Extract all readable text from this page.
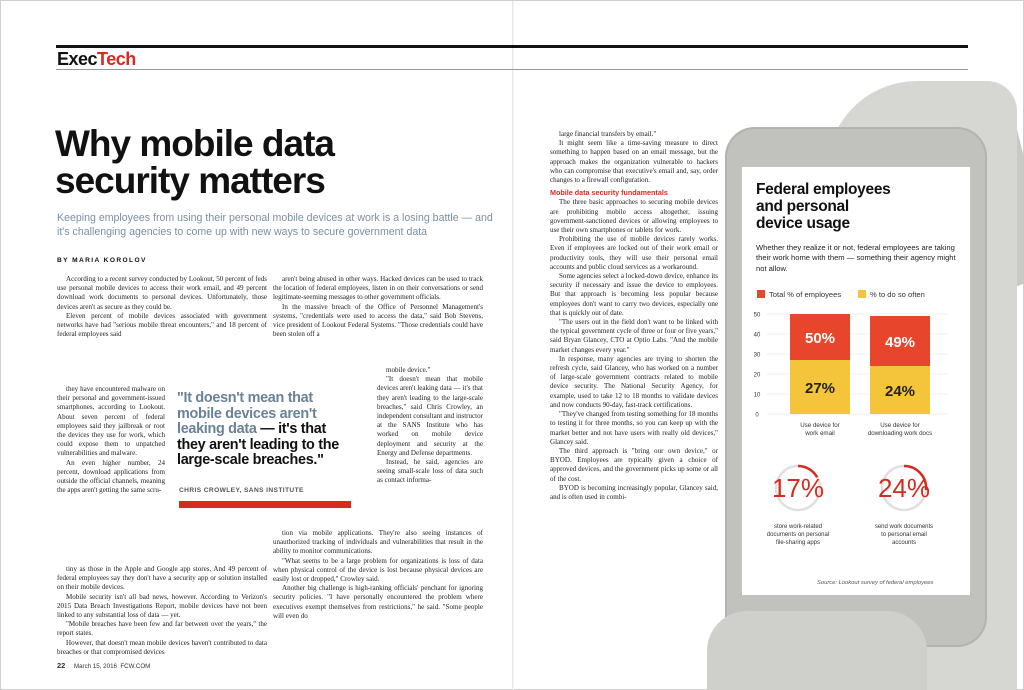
ExecTech
Why mobile data
security matters
Keeping employees from using their personal mobile devices at work is a losing battle — and it's challenging agencies to come up with new ways to secure government data
BY MARIA KOROLOV

According to a recent survey conducted by Lookout, 50 percent of feds use personal mobile devices to access their work email, and 49 percent download work documents to personal devices. Unfortunately, those devices aren't as secure as they could be.

Eleven percent of mobile devices associated with government networks have had "serious mobile threat encounters," and 18 percent of federal employees said

they have encountered malware on their personal and government-issued smartphones, according to Lookout. About seven percent of federal employees said they jailbreak or root the devices they use for work, which could expose them to unpatched vulnerabilities and malware.

An even higher number, 24 percent, download applications from outside the official channels, meaning the apps aren't getting the same scru-

tiny as those in the Apple and Google app stores. And 49 percent of federal employees say they don't have a security app or solution installed on their mobile devices.

Mobile security isn't all bad news, however. According to Verizon's 2015 Data Breach Investigations Report, mobile devices have not been linked to any substantial loss of data — yet.

"Mobile breaches have been few and far between over the years," the report states.

However, that doesn't mean mobile devices haven't contributed to data breaches or that compromised devices

aren't being abused in other ways. Hacked devices can be used to track the location of federal employees, listen in on their conversations or send legitimate-seeming messages to other government officials.

In the massive breach of the Office of Personnel Management's systems, "credentials were used to access the data," said Bob Stevens, vice president of Lookout Federal Systems. "Those credentials could have been stolen off a

mobile device."

"It doesn't mean that mobile devices aren't leaking data — it's that they aren't leading to the large-scale breaches," said Chris Crowley, an independent consultant and instructor at the SANS Institute who has worked on mobile device deployment and security at the Energy and Defense departments.

Instead, he said, agencies are seeing small-scale loss of data such as contact informa-

tion via mobile applications. They're also seeing instances of unauthorized tracking of individuals and vulnerabilities that result in the ability to monitor communications.

"What seems to be a large problem for organizations is loss of data when physical control of the device is lost because physical devices are easily lost or dropped," Crowley said.

Another big challenge is high-ranking officials' penchant for ignoring security policies. "I have personally encountered the problem where executives exempt themselves from restrictions," he said. "Some people will even do

large financial transfers by email."

It might seem like a time-saving measure to direct something to happen based on an email message, but the approach makes the organization vulnerable to hackers who can compromise that executive's email and, say, order changes to a firewall configuration.

Mobile data security fundamentals

The three basic approaches to securing mobile devices are prohibiting mobile access altogether, issuing government-sanctioned devices or allowing employees to use their own smartphones or tablets for work.

Prohibiting the use of mobile devices rarely works. Even if employees are locked out of their work email or productivity tools, they will use their personal email accounts and public cloud services as a workaround.

Some agencies select a locked-down device, enhance its security if necessary and issue the device to employees. But that approach is becoming less popular because employees don't want to carry two devices, especially one that is quickly out of date.

"The users out in the field don't want to be linked with the typical government cycle of three or four or five years," said Bryan Glancey, CTO at Optio Labs. "And the mobile market changes every year."

In response, many agencies are trying to shorten the refresh cycle, said Glancey, who has worked on a number of large-scale government contracts related to mobile device security. The National Security Agency, for example, used to take 12 to 18 months to validate devices and now conducts 90-day, fast-track certifications.

"They've changed from testing something for 18 months to testing it for three months, so you can keep up with the market better and not have users with really old devices," Glancey said.

The third approach is "bring our own device," or BYOD. Employees are typically given a choice of approved devices, and the government picks up some or all of the cost.

BYOD is becoming increasingly popular, Glancey said, and is often used in combi-

"It doesn't mean that
mobile devices aren't
leaking data — it's that
they aren't leading to the
large-scale breaches."
CHRIS CROWLEY, SANS INSTITUTE
22 March 15, 2016 FCW.COM

Federal employees
and personal
device usage
Whether they realize it or not, federal employees are taking their work home with them — something their agency might not allow.
Total % of employees	% to do so often
0
10
20
30
40
50
50%
27%
Use device for
work email
49%
24%
Use device for
downloading work docs
17%
store work-related
documents on personal
file-sharing apps
24%
send work documents
to personal email
accounts
Source: Lookout survey of federal employees
